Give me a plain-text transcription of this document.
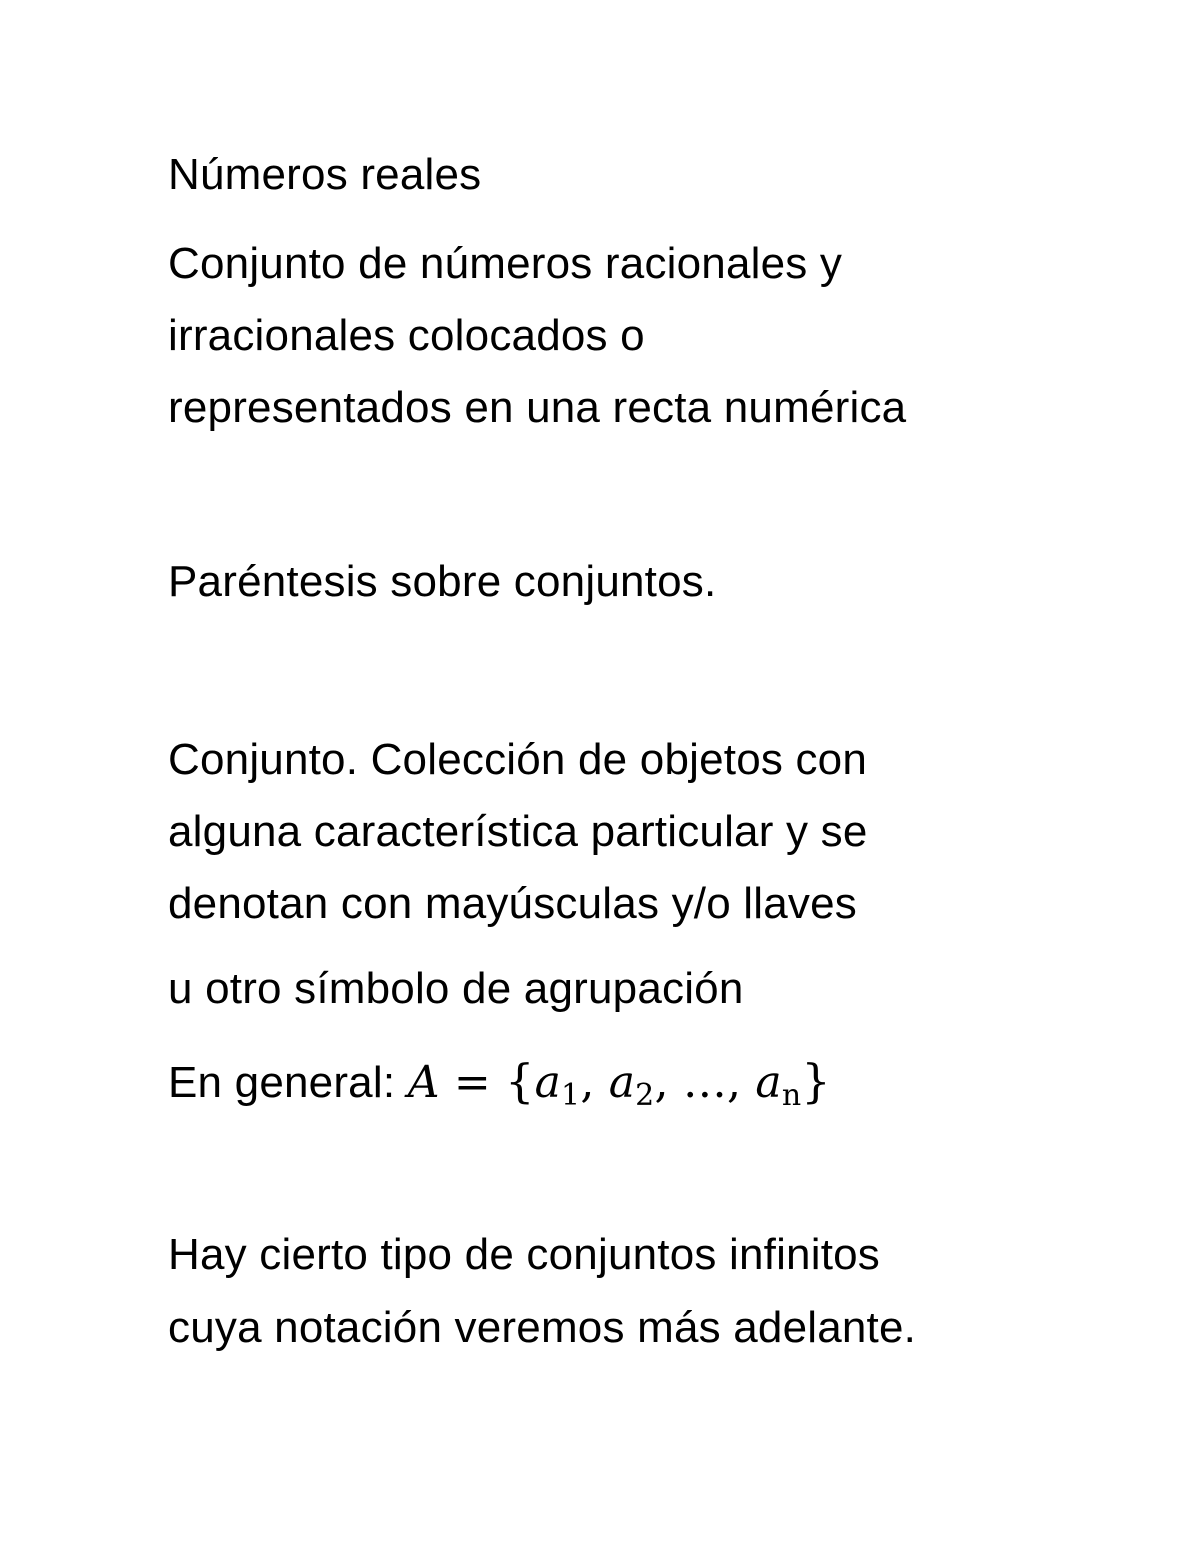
Números reales
Conjunto de números racionales y
irracionales colocados o
representados en una recta numérica
Paréntesis sobre conjuntos.
Conjunto. Colección de objetos con
alguna característica particular y se
denotan con mayúsculas y/o llaves
u otro símbolo de agrupación
En general: $A = \{a_1$, $a_2$, …, $a_n$}
Hay cierto tipo de conjuntos infinitos
cuya notación veremos más adelante.
